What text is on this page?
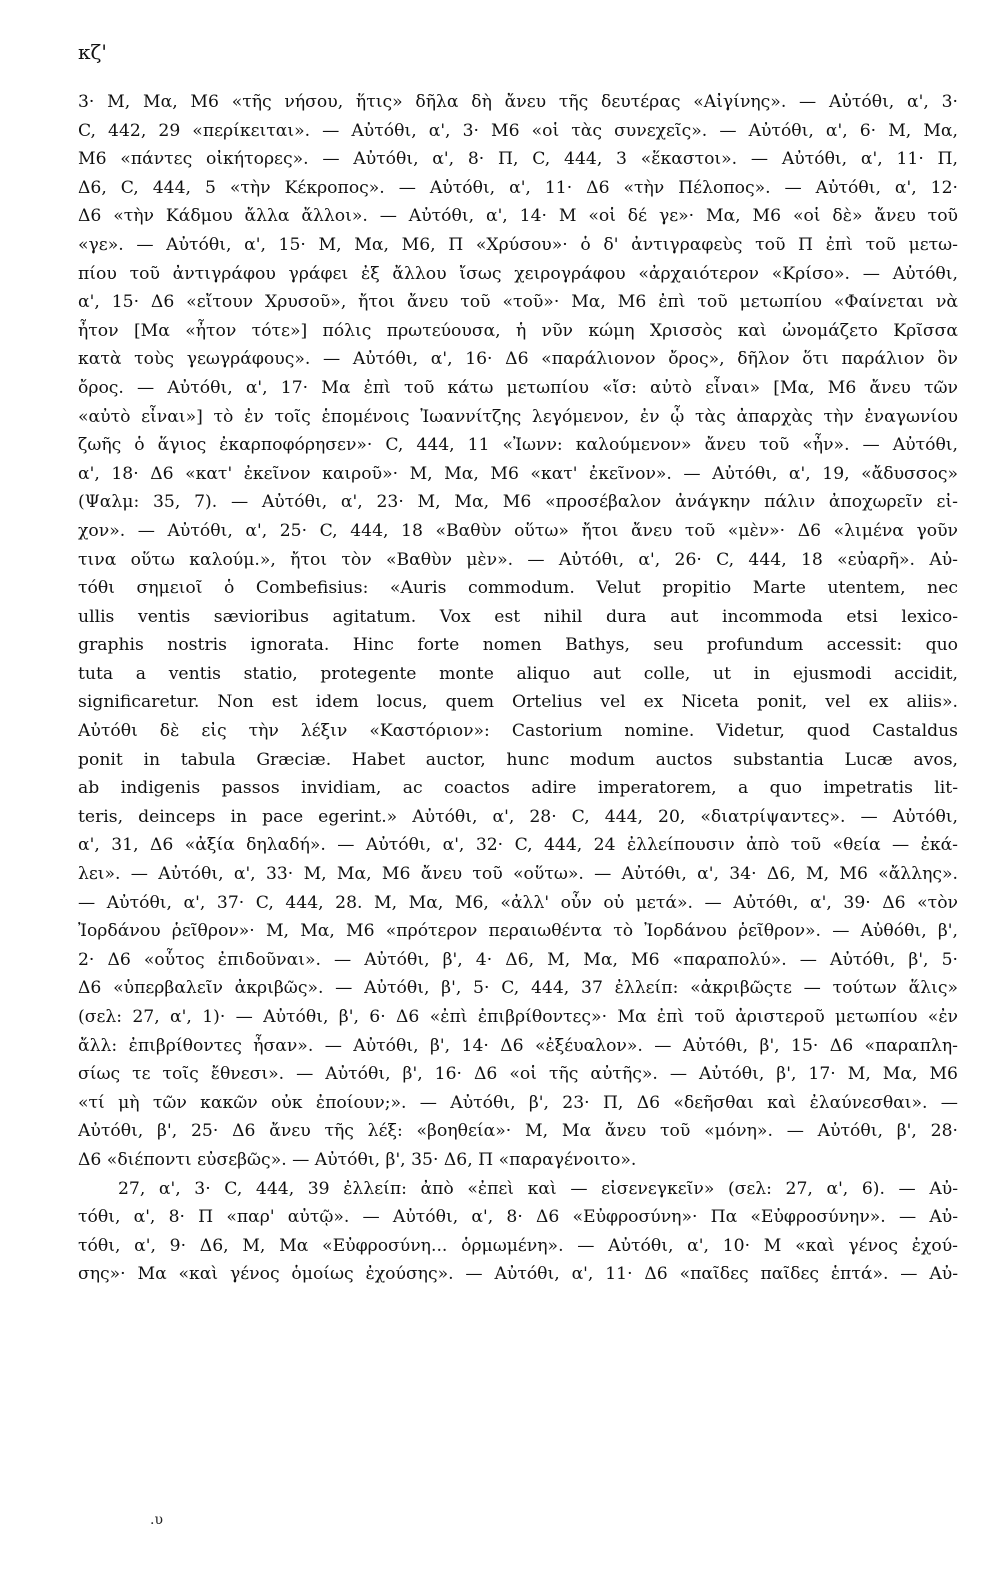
κζ'
3· Μ, Μα, Μ6 «τῆς νήσου, ἥτις» δῆλα δὴ ἄνευ τῆς δευτέρας «Αἰγίνης». — Αὐτόθι, α', 3·
C, 442, 29 «περίκειται». — Αὐτόθι, α', 3· Μ6 «οἱ τὰς συνεχεῖς». — Αὐτόθι, α', 6· Μ, Μα,
Μ6 «πάντες οἰκήτορες». — Αὐτόθι, α', 8· Π, C, 444, 3 «ἕκαστοι». — Αὐτόθι, α', 11· Π,
Δ6, C, 444, 5 «τὴν Κέκροπος». — Αὐτόθι, α', 11· Δ6 «τὴν Πέλοπος». — Αὐτόθι, α', 12·
Δ6 «τὴν Κάδμου ἄλλα ἄλλοι». — Αὐτόθι, α', 14· Μ «οἱ δέ γε»· Μα, Μ6 «οἱ δὲ» ἄνευ τοῦ
«γε». — Αὐτόθι, α', 15· Μ, Μα, Μ6, Π «Χρύσου»· ὁ δ' ἀντιγραφεὺς τοῦ Π ἐπὶ τοῦ μετω-
πίου τοῦ ἀντιγράφου γράφει ἐξ ἄλλου ἴσως χειρογράφου «ἀρχαιότερον «Κρίσο». — Αὐτόθι,
α', 15· Δ6 «εἴτουν Χρυσοῦ», ἤτοι ἄνευ τοῦ «τοῦ»· Μα, Μ6 ἐπὶ τοῦ μετωπίου «Φαίνεται νὰ
ἦτον [Μα «ἦτον τότε»] πόλις πρωτεύουσα, ἡ νῦν κώμη Χρισσὸς καὶ ὠνομάζετο Κρῖσσα
κατὰ τοὺς γεωγράφους». — Αὐτόθι, α', 16· Δ6 «παράλιονον ὄρος», δῆλον ὅτι παράλιον ὂν
ὄρος. — Αὐτόθι, α', 17· Μα ἐπὶ τοῦ κάτω μετωπίου «ἴσ: αὐτὸ εἶναι» [Μα, Μ6 ἄνευ τῶν
«αὐτὸ εἶναι»] τὸ ἐν τοῖς ἑπομένοις Ἰωαννίτζης λεγόμενον, ἐν ᾧ τὰς ἀπαρχὰς τὴν ἐναγωνίου
ζωῆς ὁ ἅγιος ἐκαρποφόρησεν»· C, 444, 11 «Ἰωνν: καλούμενον» ἄνευ τοῦ «ἦν». — Αὐτόθι,
α', 18· Δ6 «κατ' ἐκεῖνον καιροῦ»· Μ, Μα, Μ6 «κατ' ἐκεῖνον». — Αὐτόθι, α', 19, «ἄδυσσος»
(Ψαλμ: 35, 7). — Αὐτόθι, α', 23· Μ, Μα, Μ6 «προσέβαλον ἀνάγκην πάλιν ἀποχωρεῖν εἰ-
χον». — Αὐτόθι, α', 25· C, 444, 18 «Βαθὺν οὕτω» ἤτοι ἄνευ τοῦ «μὲν»· Δ6 «λιμένα γοῦν
τινα οὕτω καλούμ.», ἤτοι τὸν «Βαθὺν μὲν». — Αὐτόθι, α', 26· C, 444, 18 «εὐαρῆ». Αὐ-
τόθι σημειοῖ ὁ Combefisius: «Auris commodum. Velut propitio Marte utentem, nec
ullis ventis sævioribus agitatum. Vox est nihil dura aut incommoda etsi lexico-
graphis nostris ignorata. Hinc forte nomen Bathys, seu profundum accessit: quo
tuta a ventis statio, protegente monte aliquo aut colle, ut in ejusmodi accidit,
significaretur. Non est idem locus, quem Ortelius vel ex Niceta ponit, vel ex aliis».
Αὐτόθι δὲ εἰς τὴν λέξιν «Καστόριον»: Castorium nomine. Videtur, quod Castaldus
ponit in tabula Græciæ. Habet auctor, hunc modum auctos substantia Lucæ avos,
ab indigenis passos invidiam, ac coactos adire imperatorem, a quo impetratis lit-
teris, deinceps in pace egerint.» Αὐτόθι, α', 28· C, 444, 20, «διατρίψαντες». — Αὐτόθι,
α', 31, Δ6 «ἀξία δηλαδή». — Αὐτόθι, α', 32· C, 444, 24 ἐλλείπουσιν ἀπὸ τοῦ «θεία — ἐκά-
λει». — Αὐτόθι, α', 33· Μ, Μα, Μ6 ἄνευ τοῦ «οὕτω». — Αὐτόθι, α', 34· Δ6, Μ, Μ6 «ἄλλης».
— Αὐτόθι, α', 37· C, 444, 28. Μ, Μα, Μ6, «ἀλλ' οὖν οὐ μετά». — Αὐτόθι, α', 39· Δ6 «τὸν
Ἰορδάνου ῥεῖθρον»· Μ, Μα, Μ6 «πρότερον περαιωθέντα τὸ Ἰορδάνου ῥεῖθρον». — Αὐθόθι, β',
2· Δ6 «οὗτος ἐπιδοῦναι». — Αὐτόθι, β', 4· Δ6, Μ, Μα, Μ6 «παραπολύ». — Αὐτόθι, β', 5·
Δ6 «ὑπερβαλεῖν ἀκριβῶς». — Αὐτόθι, β', 5· C, 444, 37 ἐλλείπ: «ἀκριβῶςτε — τούτων ἅλις»
(σελ: 27, α', 1)· — Αὐτόθι, β', 6· Δ6 «ἐπὶ ἐπιβρίθοντες»· Μα ἐπὶ τοῦ ἀριστεροῦ μετωπίου «ἐν
ἄλλ: ἐπιβρίθοντες ἦσαν». — Αὐτόθι, β', 14· Δ6 «ἐξέυαλον». — Αὐτόθι, β', 15· Δ6 «παραπλη-
σίως τε τοῖς ἔθνεσι». — Αὐτόθι, β', 16· Δ6 «οἱ τῆς αὐτῆς». — Αὐτόθι, β', 17· Μ, Μα, Μ6
«τί μὴ τῶν κακῶν οὐκ ἐποίουν;». — Αὐτόθι, β', 23· Π, Δ6 «δεῆσθαι καὶ ἐλαύνεσθαι». —
Αὐτόθι, β', 25· Δ6 ἄνευ τῆς λέξ: «βοηθεία»· Μ, Μα ἄνευ τοῦ «μόνη». — Αὐτόθι, β', 28·
Δ6 «διέποντι εὐσεβῶς». — Αὐτόθι, β', 35· Δ6, Π «παραγένοιτο».
27, α', 3· C, 444, 39 ἐλλείπ: ἀπὸ «ἐπεὶ καὶ — εἰσενεγκεῖν» (σελ: 27, α', 6). — Αὐ-
τόθι, α', 8· Π «παρ' αὐτῷ». — Αὐτόθι, α', 8· Δ6 «Εὐφροσύνη»· Πα «Εὐφροσύνην». — Αὐ-
τόθι, α', 9· Δ6, Μ, Μα «Εὐφροσύνη... ὁρμωμένη». — Αὐτόθι, α', 10· Μ «καὶ γένος ἐχού-
σης»· Μα «καὶ γένος ὁμοίως ἐχούσης». — Αὐτόθι, α', 11· Δ6 «παῖδες παῖδες ἑπτά». — Αὐ-
.υ
